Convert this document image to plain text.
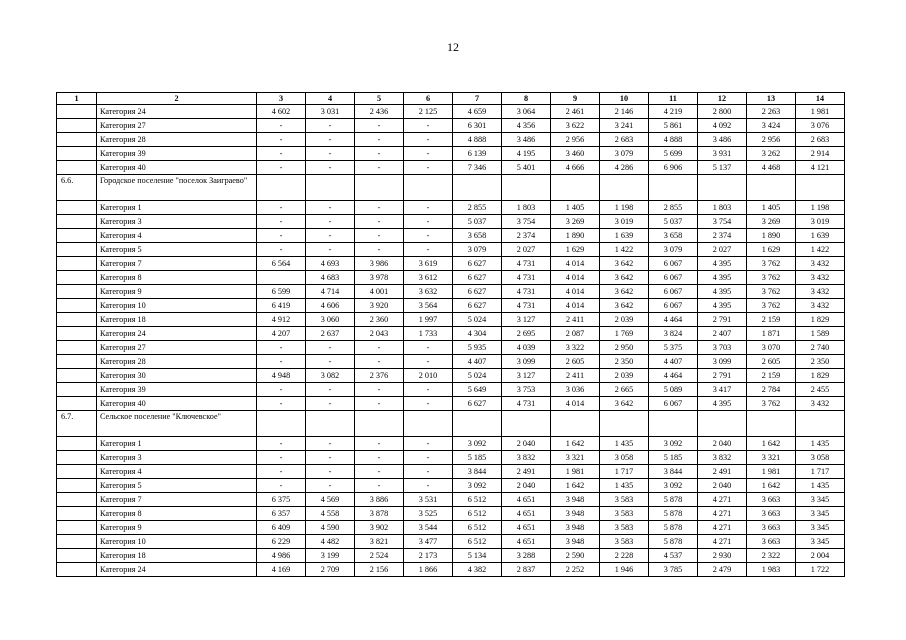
12
1	2	3	4	5	6	7	8	9	10	11	12	13	14
	Категория 24	4 602	3 031	2 436	2 125	4 659	3 064	2 461	2 146	4 219	2 800	2 263	1 981
	Категория 27	-	-	-	-	6 301	4 356	3 622	3 241	5 861	4 092	3 424	3 076
	Категория 28	-	-	-	-	4 888	3 486	2 956	2 683	4 888	3 486	2 956	2 683
	Категория 39	-	-	-	-	6 139	4 195	3 460	3 079	5 699	3 931	3 262	2 914
	Категория 40	-	-	-	-	7 346	5 401	4 666	4 286	6 906	5 137	4 468	4 121
6.6.	Городское поселение "поселок Заиграево"												
	Категория 1	-	-	-	-	2 855	1 803	1 405	1 198	2 855	1 803	1 405	1 198
	Категория 3	-	-	-	-	5 037	3 754	3 269	3 019	5 037	3 754	3 269	3 019
	Категория 4	-	-	-	-	3 658	2 374	1 890	1 639	3 658	2 374	1 890	1 639
	Категория 5	-	-	-	-	3 079	2 027	1 629	1 422	3 079	2 027	1 629	1 422
	Категория 7	6 564	4 693	3 986	3 619	6 627	4 731	4 014	3 642	6 067	4 395	3 762	3 432
	Категория 8		4 683	3 978	3 612	6 627	4 731	4 014	3 642	6 067	4 395	3 762	3 432
	Категория 9	6 599	4 714	4 001	3 632	6 627	4 731	4 014	3 642	6 067	4 395	3 762	3 432
	Категория 10	6 419	4 606	3 920	3 564	6 627	4 731	4 014	3 642	6 067	4 395	3 762	3 432
	Категория 18	4 912	3 060	2 360	1 997	5 024	3 127	2 411	2 039	4 464	2 791	2 159	1 829
	Категория 24	4 207	2 637	2 043	1 733	4 304	2 695	2 087	1 769	3 824	2 407	1 871	1 589
	Категория 27	-	-	-	-	5 935	4 039	3 322	2 950	5 375	3 703	3 070	2 740
	Категория 28	-	-	-	-	4 407	3 099	2 605	2 350	4 407	3 099	2 605	2 350
	Категория 30	4 948	3 082	2 376	2 010	5 024	3 127	2 411	2 039	4 464	2 791	2 159	1 829
	Категория 39	-	-	-	-	5 649	3 753	3 036	2 665	5 089	3 417	2 784	2 455
	Категория 40	-	-	-	-	6 627	4 731	4 014	3 642	6 067	4 395	3 762	3 432
6.7.	Сельское поселение "Ключевское"												
	Категория 1	-	-	-	-	3 092	2 040	1 642	1 435	3 092	2 040	1 642	1 435
	Категория 3	-	-	-	-	5 185	3 832	3 321	3 058	5 185	3 832	3 321	3 058
	Категория 4	-	-	-	-	3 844	2 491	1 981	1 717	3 844	2 491	1 981	1 717
	Категория 5	-	-	-	-	3 092	2 040	1 642	1 435	3 092	2 040	1 642	1 435
	Категория 7	6 375	4 569	3 886	3 531	6 512	4 651	3 948	3 583	5 878	4 271	3 663	3 345
	Категория 8	6 357	4 558	3 878	3 525	6 512	4 651	3 948	3 583	5 878	4 271	3 663	3 345
	Категория 9	6 409	4 590	3 902	3 544	6 512	4 651	3 948	3 583	5 878	4 271	3 663	3 345
	Категория 10	6 229	4 482	3 821	3 477	6 512	4 651	3 948	3 583	5 878	4 271	3 663	3 345
	Категория 18	4 986	3 199	2 524	2 173	5 134	3 288	2 590	2 228	4 537	2 930	2 322	2 004
	Категория 24	4 169	2 709	2 156	1 866	4 382	2 837	2 252	1 946	3 785	2 479	1 983	1 722
